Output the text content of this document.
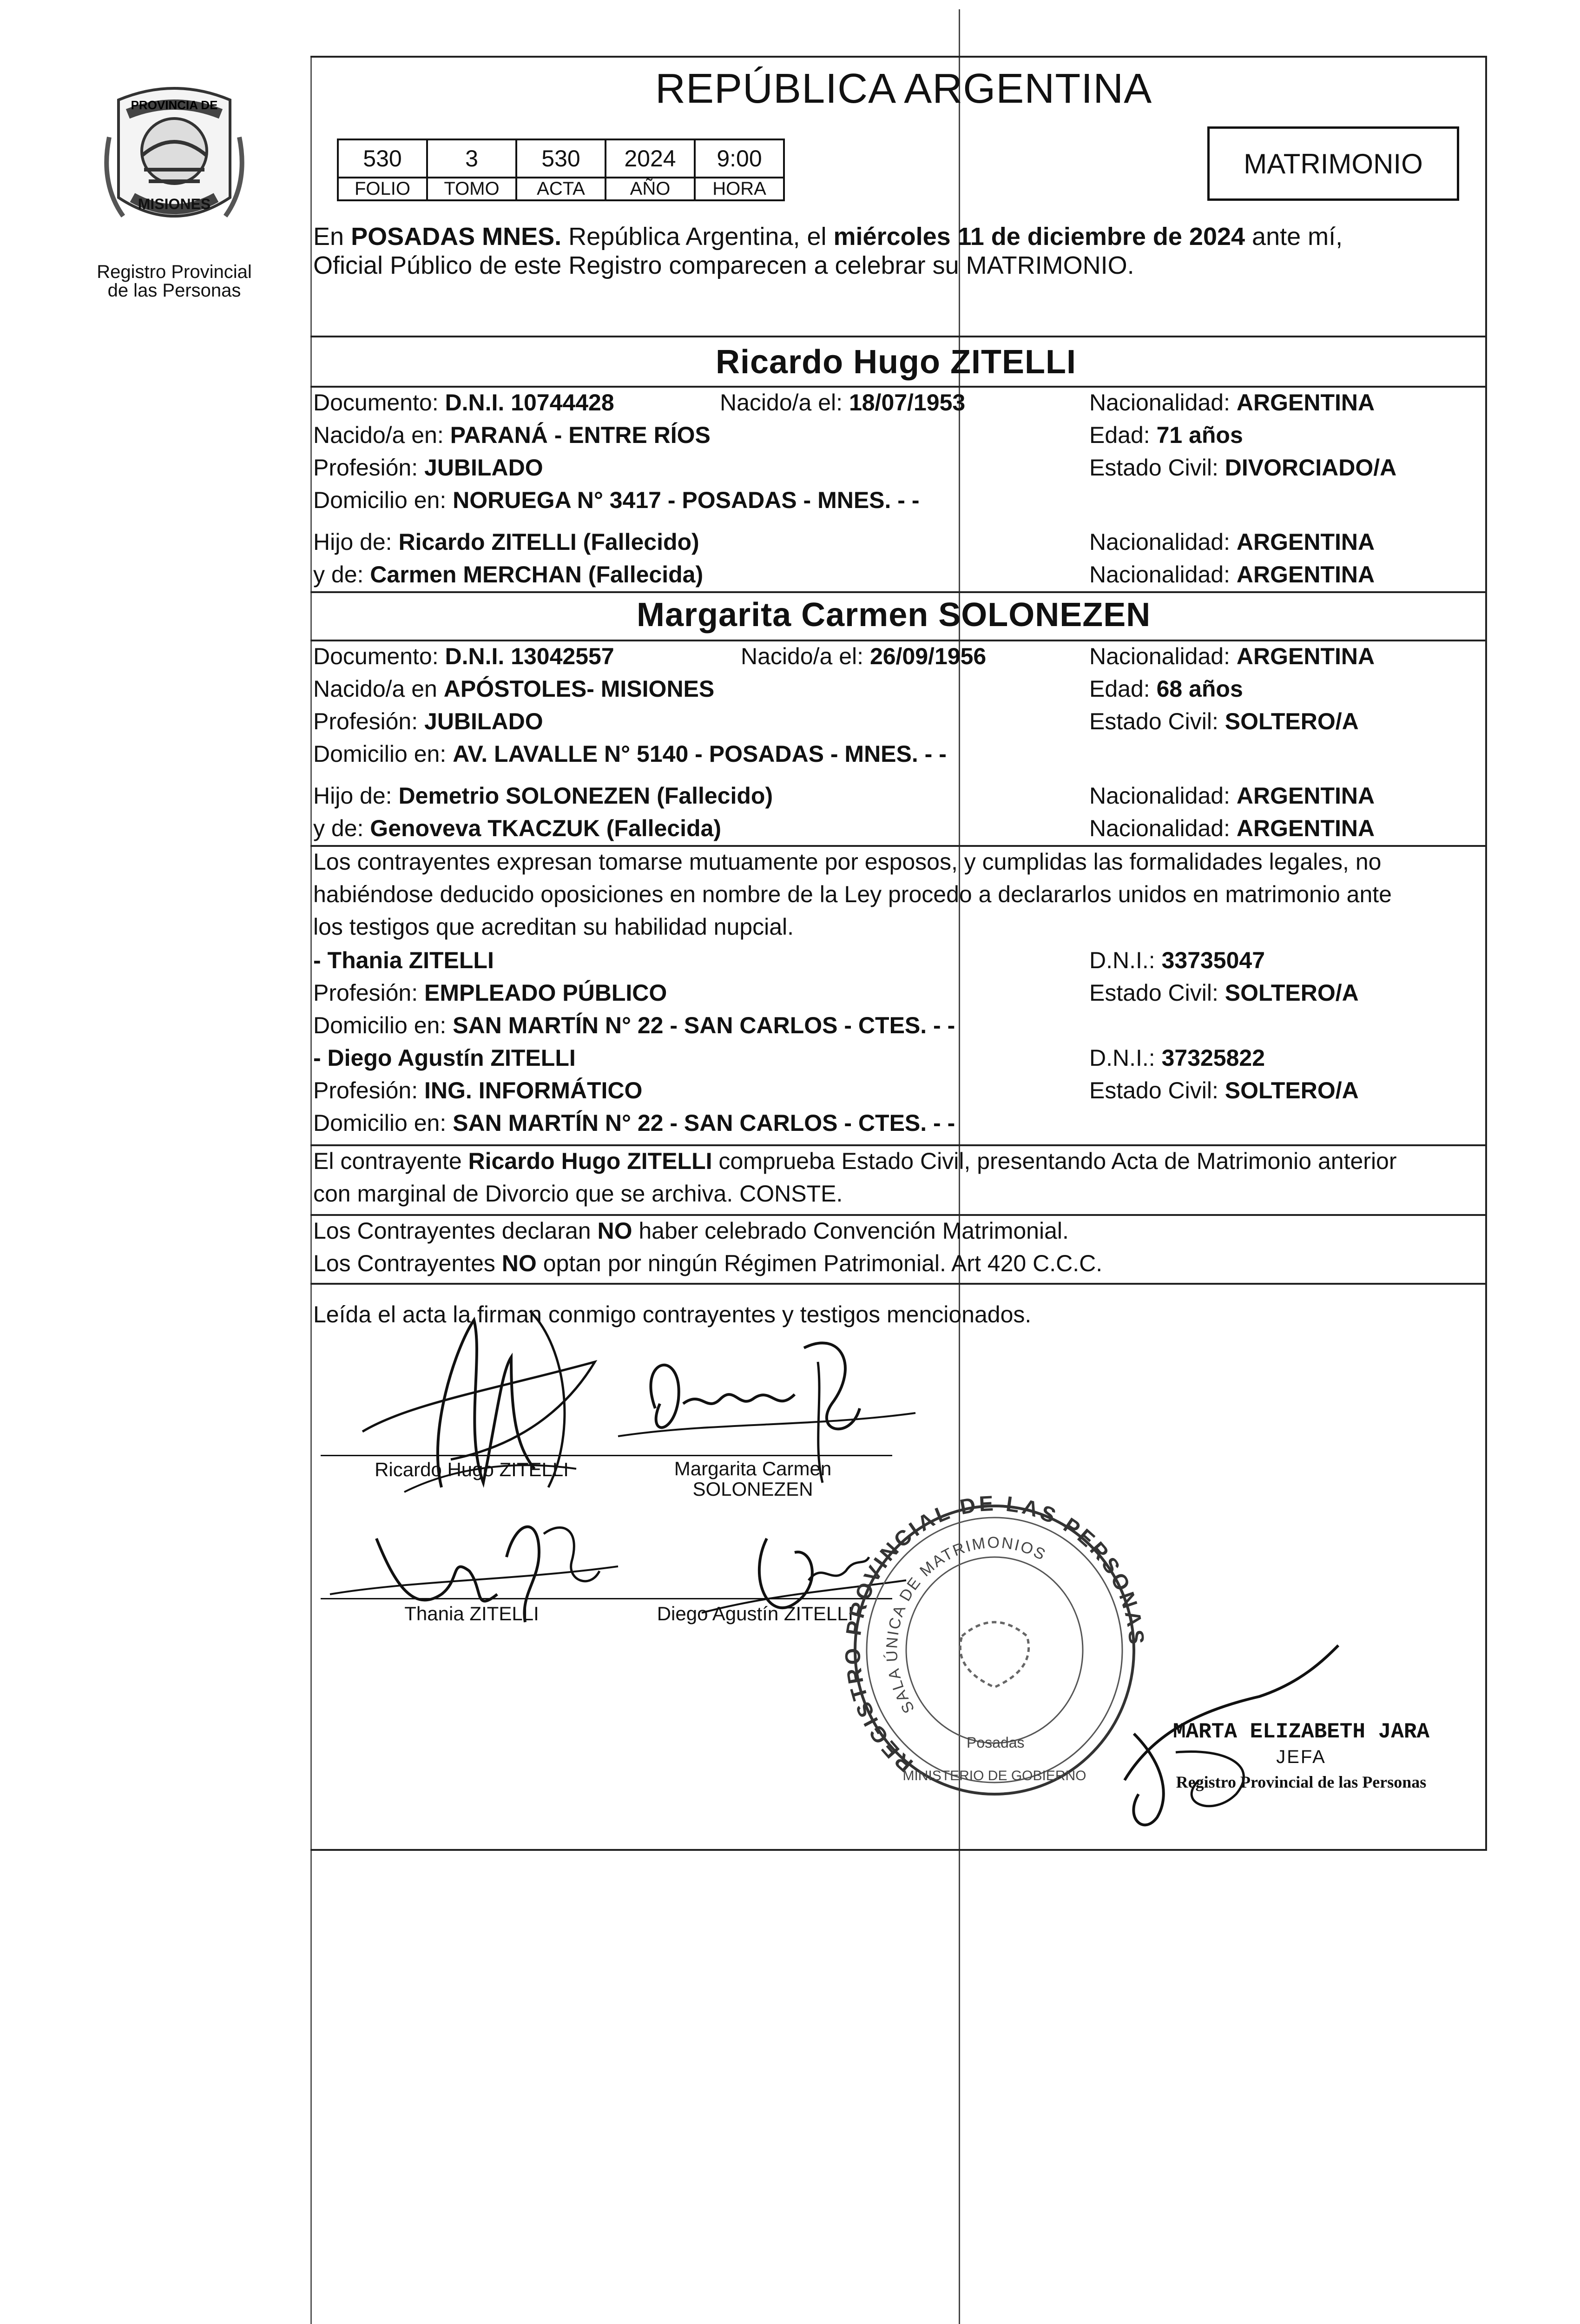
PROVINCIA DE
MISIONES
Registro Provincial
de las Personas
REPÚBLICA ARGENTINA
530	3	530	2024	9:00
FOLIO	TOMO	ACTA	AÑO	HORA
MATRIMONIO
En POSADAS MNES. República Argentina, el miércoles 11 de diciembre de 2024 ante mí,
Oficial Público de este Registro comparecen a celebrar su MATRIMONIO.
Ricardo Hugo ZITELLI
Documento: D.N.I. 10744428	Nacido/a el: 18/07/1953	Nacionalidad: ARGENTINA
Nacido/a en: PARANÁ - ENTRE RÍOS	Edad: 71 años
Profesión: JUBILADO	Estado Civil: DIVORCIADO/A
Domicilio en: NORUEGA N° 3417 - POSADAS - MNES. - -
Hijo de: Ricardo ZITELLI (Fallecido)	Nacionalidad: ARGENTINA
y de: Carmen MERCHAN (Fallecida)	Nacionalidad: ARGENTINA
Margarita Carmen SOLONEZEN
Documento: D.N.I. 13042557	Nacido/a el: 26/09/1956	Nacionalidad: ARGENTINA
Nacido/a en APÓSTOLES- MISIONES	Edad: 68 años
Profesión: JUBILADO	Estado Civil: SOLTERO/A
Domicilio en: AV. LAVALLE N° 5140 - POSADAS - MNES. - -
Hijo de: Demetrio SOLONEZEN (Fallecido)	Nacionalidad: ARGENTINA
y de: Genoveva TKACZUK (Fallecida)	Nacionalidad: ARGENTINA
Los contrayentes expresan tomarse mutuamente por esposos, y cumplidas las formalidades legales, no
habiéndose deducido oposiciones en nombre de la Ley procedo a declararlos unidos en matrimonio ante
los testigos que acreditan su habilidad nupcial.
- Thania ZITELLI	D.N.I.: 33735047
Profesión: EMPLEADO PÚBLICO	Estado Civil: SOLTERO/A
Domicilio en: SAN MARTÍN N° 22 - SAN CARLOS - CTES. - -
- Diego Agustín ZITELLI	D.N.I.: 37325822
Profesión: ING. INFORMÁTICO	Estado Civil: SOLTERO/A
Domicilio en: SAN MARTÍN N° 22 - SAN CARLOS - CTES. - -
El contrayente Ricardo Hugo ZITELLI comprueba Estado Civil, presentando Acta de Matrimonio anterior
con marginal de Divorcio que se archiva. CONSTE.
Los Contrayentes declaran NO haber celebrado Convención Matrimonial.
Los Contrayentes NO optan por ningún Régimen Patrimonial. Art 420 C.C.C.
Leída el acta la firman conmigo contrayentes y testigos mencionados.
Ricardo Hugo ZITELLI	Margarita Carmen
SOLONEZEN
Thania ZITELLI	Diego Agustín ZITELLI
REGISTRO PROVINCIAL DE LAS PERSONAS
SALA ÚNICA DE MATRIMONIOS
Posadas
MINISTERIO DE GOBIERNO
MARTA ELIZABETH JARA
JEFA
Registro Provincial de las Personas
